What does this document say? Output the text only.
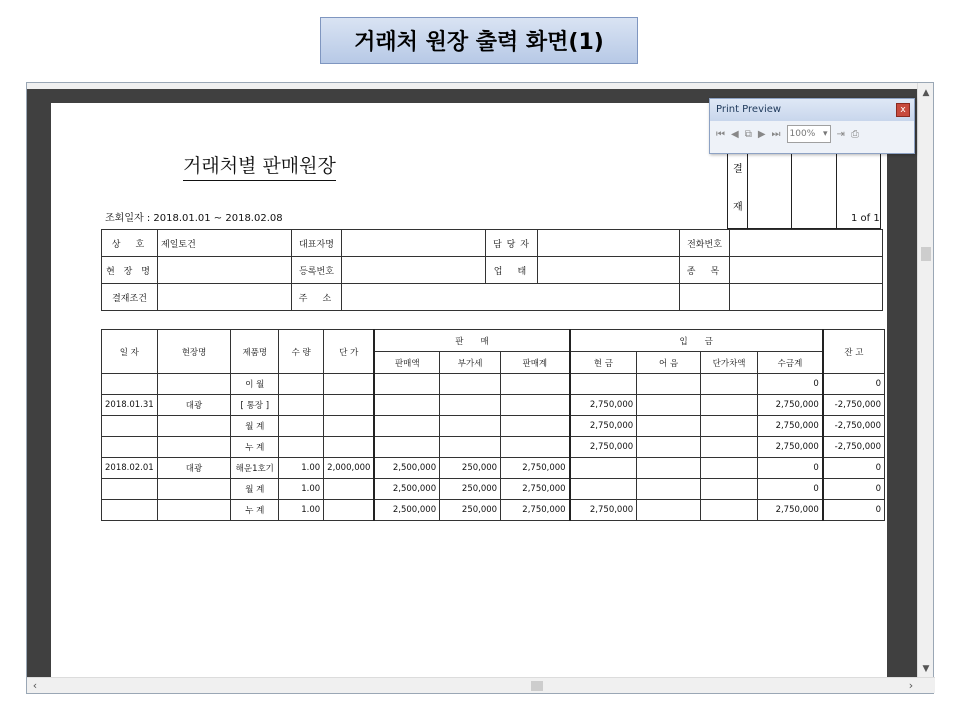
거래처 원장 출력 화면(1)
거래처별 판매원장	결
재
조회일자 : 2018.01.01 ~ 2018.02.08	1 of 1
상　호	제일토건	대표자명		담 당 자		전화번호	
현 장 명		등록번호		업　태		종　목	
결재조건		주　소					
일 자	현장명	제품명	수 량	단 가	판　　매			입　　금				잔 고
					판매액	부가세	판매계	현 금	어 음	단가차액	수금계	
		이 월									0	0
2018.01.31	대광	[ 통장 ]						2,750,000			2,750,000	-2,750,000
		월 계						2,750,000			2,750,000	-2,750,000
		누 계						2,750,000			2,750,000	-2,750,000
2018.02.01	대광	해운1호기	1.00	2,000,000	2,500,000	250,000	2,750,000				0	0
		월 계	1.00		2,500,000	250,000	2,750,000				0	0
		누 계	1.00		2,500,000	250,000	2,750,000	2,750,000			2,750,000	0
▲
▼
‹	›
Print Preview	x
⏮ ◀ ⧉ ▶ ⏭ 100% ▾ ⇥ ⎙
